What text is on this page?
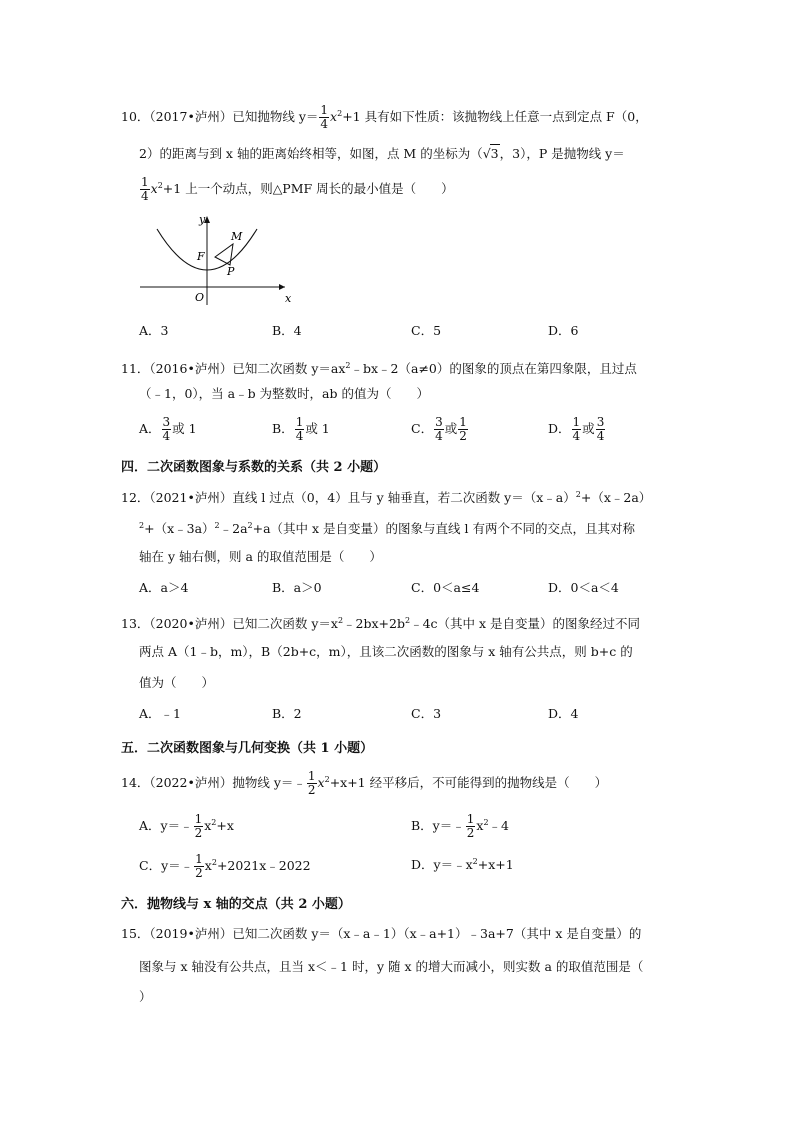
10．（2017•泸州）已知抛物线 $y= \frac{1}{4} x^2+1$ 具有如下性质：该抛物线上任意一点到定点 F（0，
2）的距离与到 x 轴的距离始终相等，如图，点 M 的坐标为（√3，3），P 是抛物线 y＝
$\frac{1}{4} x^2+1$ 上一个动点，则△PMF 周长的最小值是（　　）
y
x
O
F
M
P
A．3	B．4	C．5	D．6
11．（2016•泸州）已知二次函数 $y=ax^2﹣bx﹣2(a\ne 0)$的图象的顶点在第四象限，且过点
（﹣1，0），当 a﹣b 为整数时，ab 的值为（　　）
A． $\frac{3}{4}$ 或 1	B． $\frac{1}{4}$ 或 1	C． $\frac{3}{4}$ 或 $\frac{1}{2}$	D． $\frac{1}{4}$ 或 $\frac{3}{4}$
四．二次函数图象与系数的关系（共 2 小题）
12．（2021•泸州）直线 l 过点（0，4）且与 y 轴垂直，若二次函数 y＝（x﹣a）$^2$+（x﹣2a）
$^2+(x﹣3a)^2﹣2a^2+a$（其中 x 是自变量）的图象与直线 l 有两个不同的交点，且其对称
轴在 y 轴右侧，则 a 的取值范围是（　　）
A．a＞4	B．a＞0	C．0＜a≤4	D．0＜a＜4
13．（2020•泸州）已知二次函数 $y=x^2﹣2bx+2b^2﹣4c$（其中 x 是自变量）的图象经过不同
两点 A（1﹣b，m），B（2b+c，m），且该二次函数的图象与 x 轴有公共点，则 b+c 的
值为（　　）
A．﹣1	B．2	C．3	D．4
五．二次函数图象与几何变换（共 1 小题）
14．（2022•泸州）抛物线 y＝﹣ $\frac{1}{2} x^2+x+1$ 经平移后，不可能得到的抛物线是（　　）
A．y＝﹣ $\frac{1}{2} x^2+x$	B．y＝﹣ $\frac{1}{2}$ $x^2﹣4$
C．y＝﹣ $\frac{1}{2}$ $x^2+2021x﹣2022$	D．$y=﹣x^2+x+1$
六．抛物线与 x 轴的交点（共 2 小题）
15．（2019•泸州）已知二次函数 y＝（x﹣a﹣1）（x﹣a+1）﹣3a+7（其中 x 是自变量）的
图象与 x 轴没有公共点，且当 x＜﹣1 时，y 随 x 的增大而减小，则实数 a 的取值范围是（
）
